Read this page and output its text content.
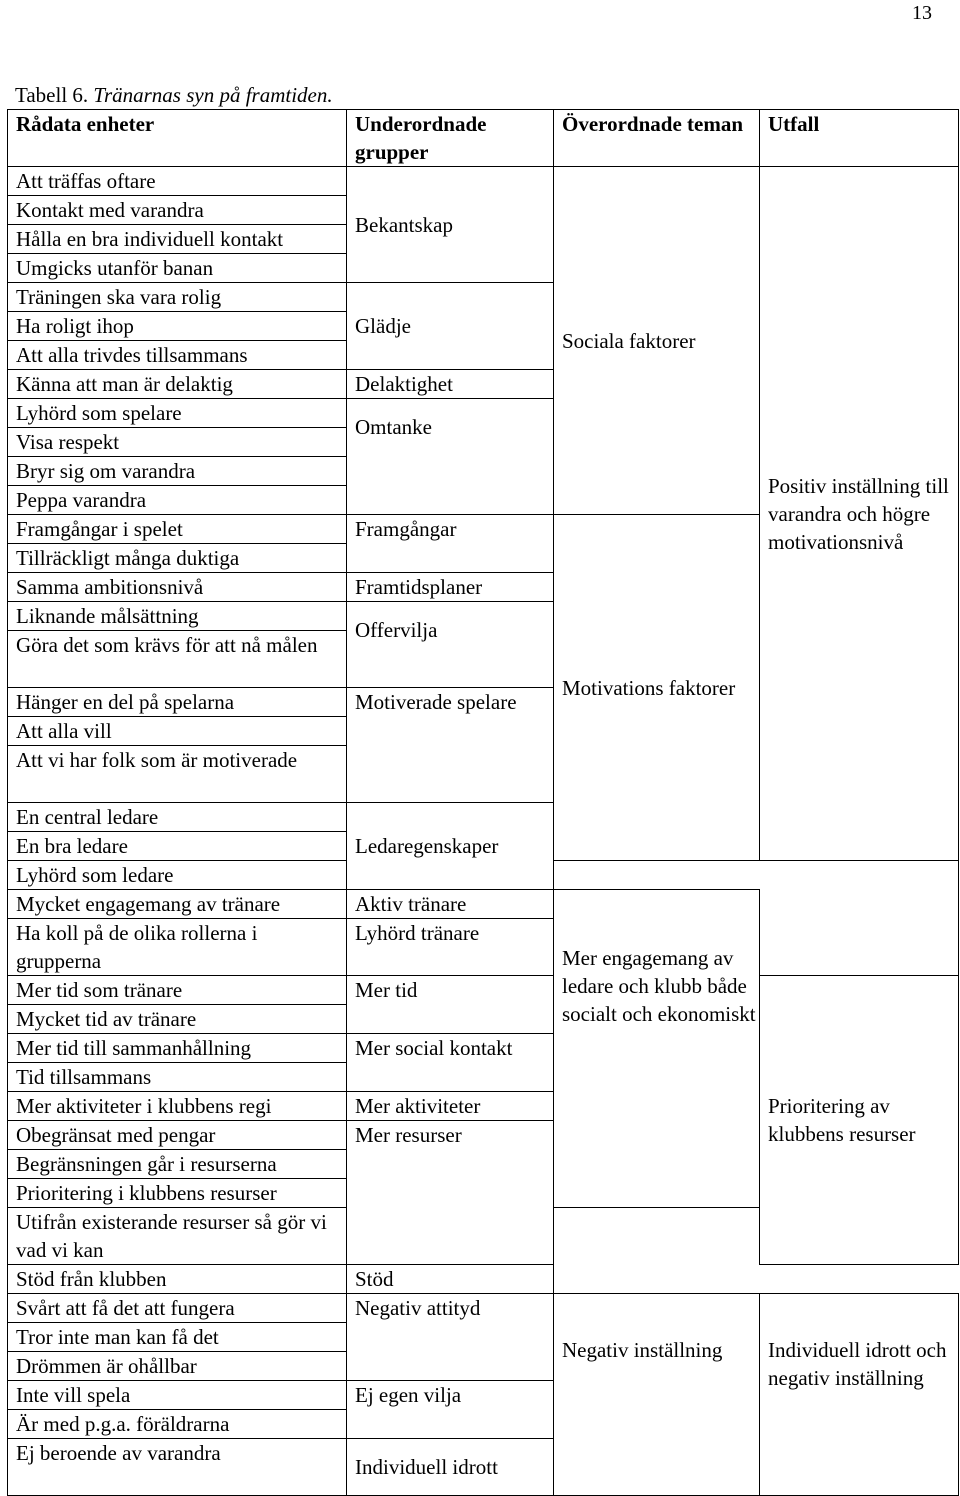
13
Tabell 6. Tränarnas syn på framtiden.
Rådata enheter	Underordnade grupper	Överordnade teman	Utfall	
Att träffas oftare	Bekantskap	Sociala faktorer	Positiv inställning till varandra och högre motivationsnivå	
Kontakt med varandra				
Hålla en bra individuell kontakt				
Umgicks utanför banan				
Träningen ska vara rolig	Glädje			
Ha roligt ihop				
Att alla trivdes tillsammans				
Känna att man är delaktig	Delaktighet			
Lyhörd som spelare	Omtanke			
Visa respekt				
Bryr sig om varandra				
Peppa varandra				
Framgångar i spelet	Framgångar	Motivations faktorer		
Tillräckligt många duktiga				
Samma ambitionsnivå	Framtidsplaner			
Liknande målsättning	Offervilja			
Göra det som krävs för att nå målen				
Hänger en del på spelarna	Motiverade spelare			
Att alla vill				
Att vi har folk som är motiverade				
En central ledare	Ledaregenskaper	
En bra ledare				
Lyhörd som ledare				
Mycket engagemang av tränare	Aktiv tränare	Mer engagemang av ledare och klubb både socialt och ekonomiskt		
Ha koll på de olika rollerna i grupperna	Lyhörd tränare			
Mer tid som tränare	Mer tid		Prioritering av klubbens resurser	
Mycket tid av tränare				
Mer tid till sammanhållning	Mer social kontakt			
Tid tillsammans				
Mer aktiviteter i klubbens regi	Mer aktiviteter			
Obegränsat med pengar	Mer resurser			
Begränsningen går i resurserna				
Prioritering i klubbens resurser				
Utifrån existerande resurser så gör vi vad vi kan				
Stöd från klubben	Stöd			
Svårt att få det att fungera	Negativ attityd	Negativ inställning	Individuell idrott och negativ inställning	
Tror inte man kan få det				
Drömmen är ohållbar				
Inte vill spela	Ej egen vilja			
Är med p.g.a. föräldrarna				
Ej beroende av varandra	Individuell idrott	
